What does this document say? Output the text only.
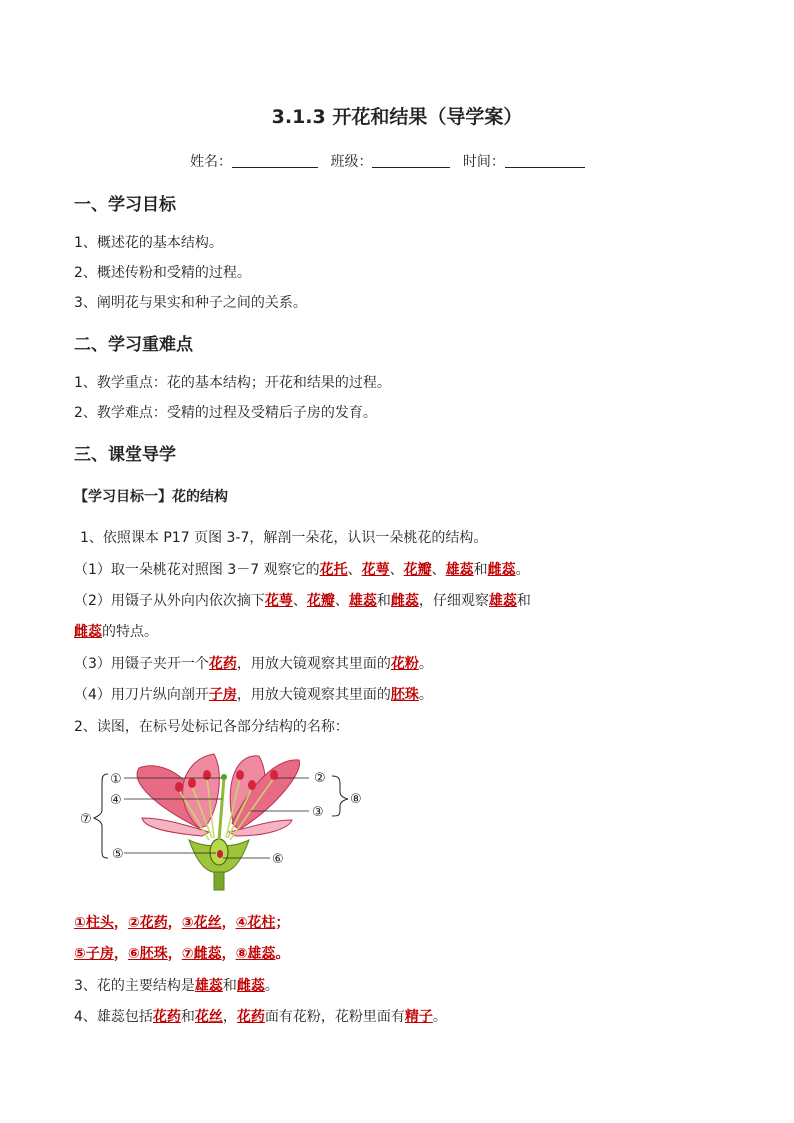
3.1.3 开花和结果（导学案）
姓名：	班级：	时间：
一、学习目标
1、概述花的基本结构。
2、概述传粉和受精的过程。
3、阐明花与果实和种子之间的关系。
二、学习重难点
1、教学重点：花的基本结构；开花和结果的过程。
2、教学难点：受精的过程及受精后子房的发育。
三、课堂导学
【学习目标一】花的结构
1、依照课本 P17 页图 3-7，解剖一朵花，认识一朵桃花的结构。
（1）取一朵桃花对照图 3－7 观察它的花托、花萼、花瓣、雄蕊和雌蕊。
（2）用镊子从外向内依次摘下花萼、花瓣、雄蕊和雌蕊，仔细观察雄蕊和
雌蕊的特点。
（3）用镊子夹开一个花药，用放大镜观察其里面的花粉。
（4）用刀片纵向剖开子房，用放大镜观察其里面的胚珠。
2、读图，在标号处标记各部分结构的名称：
①	②
③
④
⑤	⑥
⑦
⑧
①柱头，②花药，③花丝，④花柱；
⑤子房，⑥胚珠，⑦雌蕊，⑧雄蕊。
3、花的主要结构是雄蕊和雌蕊。
4、雄蕊包括花药和花丝，花药面有花粉，花粉里面有精子。
